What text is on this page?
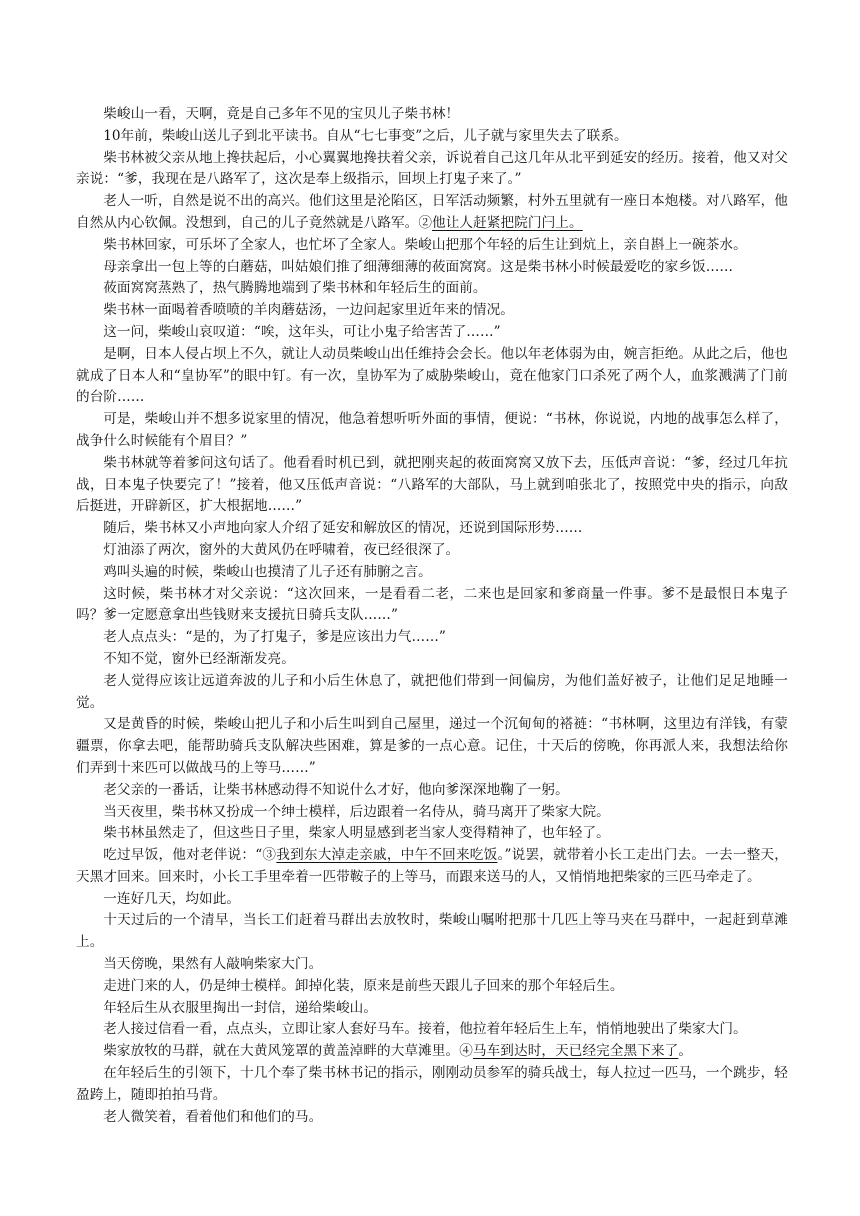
柴峻山一看，天啊，竟是自己多年不见的宝贝儿子柴书林！

10年前，柴峻山送儿子到北平读书。自从“七七事变”之后，儿子就与家里失去了联系。

柴书林被父亲从地上搀扶起后，小心翼翼地搀扶着父亲，诉说着自己这几年从北平到延安的经历。接着，他又对父亲说：“爹，我现在是八路军了，这次是奉上级指示，回坝上打鬼子来了。”

老人一听，自然是说不出的高兴。他们这里是沦陷区，日军活动频繁，村外五里就有一座日本炮楼。对八路军，他自然从内心钦佩。没想到，自己的儿子竟然就是八路军。②他让人赶紧把院门闩上。

柴书林回家，可乐坏了全家人，也忙坏了全家人。柴峻山把那个年轻的后生让到炕上，亲自斟上一碗茶水。

母亲拿出一包上等的白蘑菇，叫姑娘们推了细薄细薄的莜面窝窝。这是柴书林小时候最爱吃的家乡饭……

莜面窝窝蒸熟了，热气腾腾地端到了柴书林和年轻后生的面前。

柴书林一面喝着香喷喷的羊肉蘑菇汤，一边问起家里近年来的情况。

这一问，柴峻山哀叹道：“唉，这年头，可让小鬼子给害苦了……”

是啊，日本人侵占坝上不久，就让人动员柴峻山出任维持会会长。他以年老体弱为由，婉言拒绝。从此之后，他也就成了日本人和“皇协军”的眼中钉。有一次，皇协军为了威胁柴峻山，竟在他家门口杀死了两个人，血浆溅满了门前的台阶……

可是，柴峻山并不想多说家里的情况，他急着想听听外面的事情，便说：“书林，你说说，内地的战事怎么样了，战争什么时候能有个眉目？”

柴书林就等着爹问这句话了。他看看时机已到，就把刚夹起的莜面窝窝又放下去，压低声音说：“爹，经过几年抗战，日本鬼子快要完了！”接着，他又压低声音说：“八路军的大部队，马上就到咱张北了，按照党中央的指示，向敌后挺进，开辟新区，扩大根据地……”

随后，柴书林又小声地向家人介绍了延安和解放区的情况，还说到国际形势……

灯油添了两次，窗外的大黄风仍在呼啸着，夜已经很深了。

鸡叫头遍的时候，柴峻山也摸清了儿子还有肺腑之言。

这时候，柴书林才对父亲说：“这次回来，一是看看二老，二来也是回家和爹商量一件事。爹不是最恨日本鬼子吗？爹一定愿意拿出些钱财来支援抗日骑兵支队……”

老人点点头：“是的，为了打鬼子，爹是应该出力气……”

不知不觉，窗外已经渐渐发亮。

老人觉得应该让远道奔波的儿子和小后生休息了，就把他们带到一间偏房，为他们盖好被子，让他们足足地睡一觉。

又是黄昏的时候，柴峻山把儿子和小后生叫到自己屋里，递过一个沉甸甸的褡裢：“书林啊，这里边有洋钱，有蒙疆票，你拿去吧，能帮助骑兵支队解决些困难，算是爹的一点心意。记住，十天后的傍晚，你再派人来，我想法给你们弄到十来匹可以做战马的上等马……”

老父亲的一番话，让柴书林感动得不知说什么才好，他向爹深深地鞠了一躬。

当天夜里，柴书林又扮成一个绅士模样，后边跟着一名侍从，骑马离开了柴家大院。

柴书林虽然走了，但这些日子里，柴家人明显感到老当家人变得精神了，也年轻了。

吃过早饭，他对老伴说：“③我到东大淖走亲戚，中午不回来吃饭。”说罢，就带着小长工走出门去。一去一整天，天黑才回来。回来时，小长工手里牵着一匹带鞍子的上等马，而跟来送马的人，又悄悄地把柴家的三匹马牵走了。

一连好几天，均如此。

十天过后的一个清早，当长工们赶着马群出去放牧时，柴峻山嘱咐把那十几匹上等马夹在马群中，一起赶到草滩上。

当天傍晚，果然有人敲响柴家大门。

走进门来的人，仍是绅士模样。卸掉化装，原来是前些天跟儿子回来的那个年轻后生。

年轻后生从衣服里掏出一封信，递给柴峻山。

老人接过信看一看，点点头，立即让家人套好马车。接着，他拉着年轻后生上车，悄悄地驶出了柴家大门。

柴家放牧的马群，就在大黄风笼罩的黄盖淖畔的大草滩里。④马车到达时，天已经完全黑下来了。

在年轻后生的引领下，十几个奉了柴书林书记的指示，刚刚动员参军的骑兵战士，每人拉过一匹马，一个跳步，轻盈跨上，随即拍拍马背。

老人微笑着，看着他们和他们的马。
